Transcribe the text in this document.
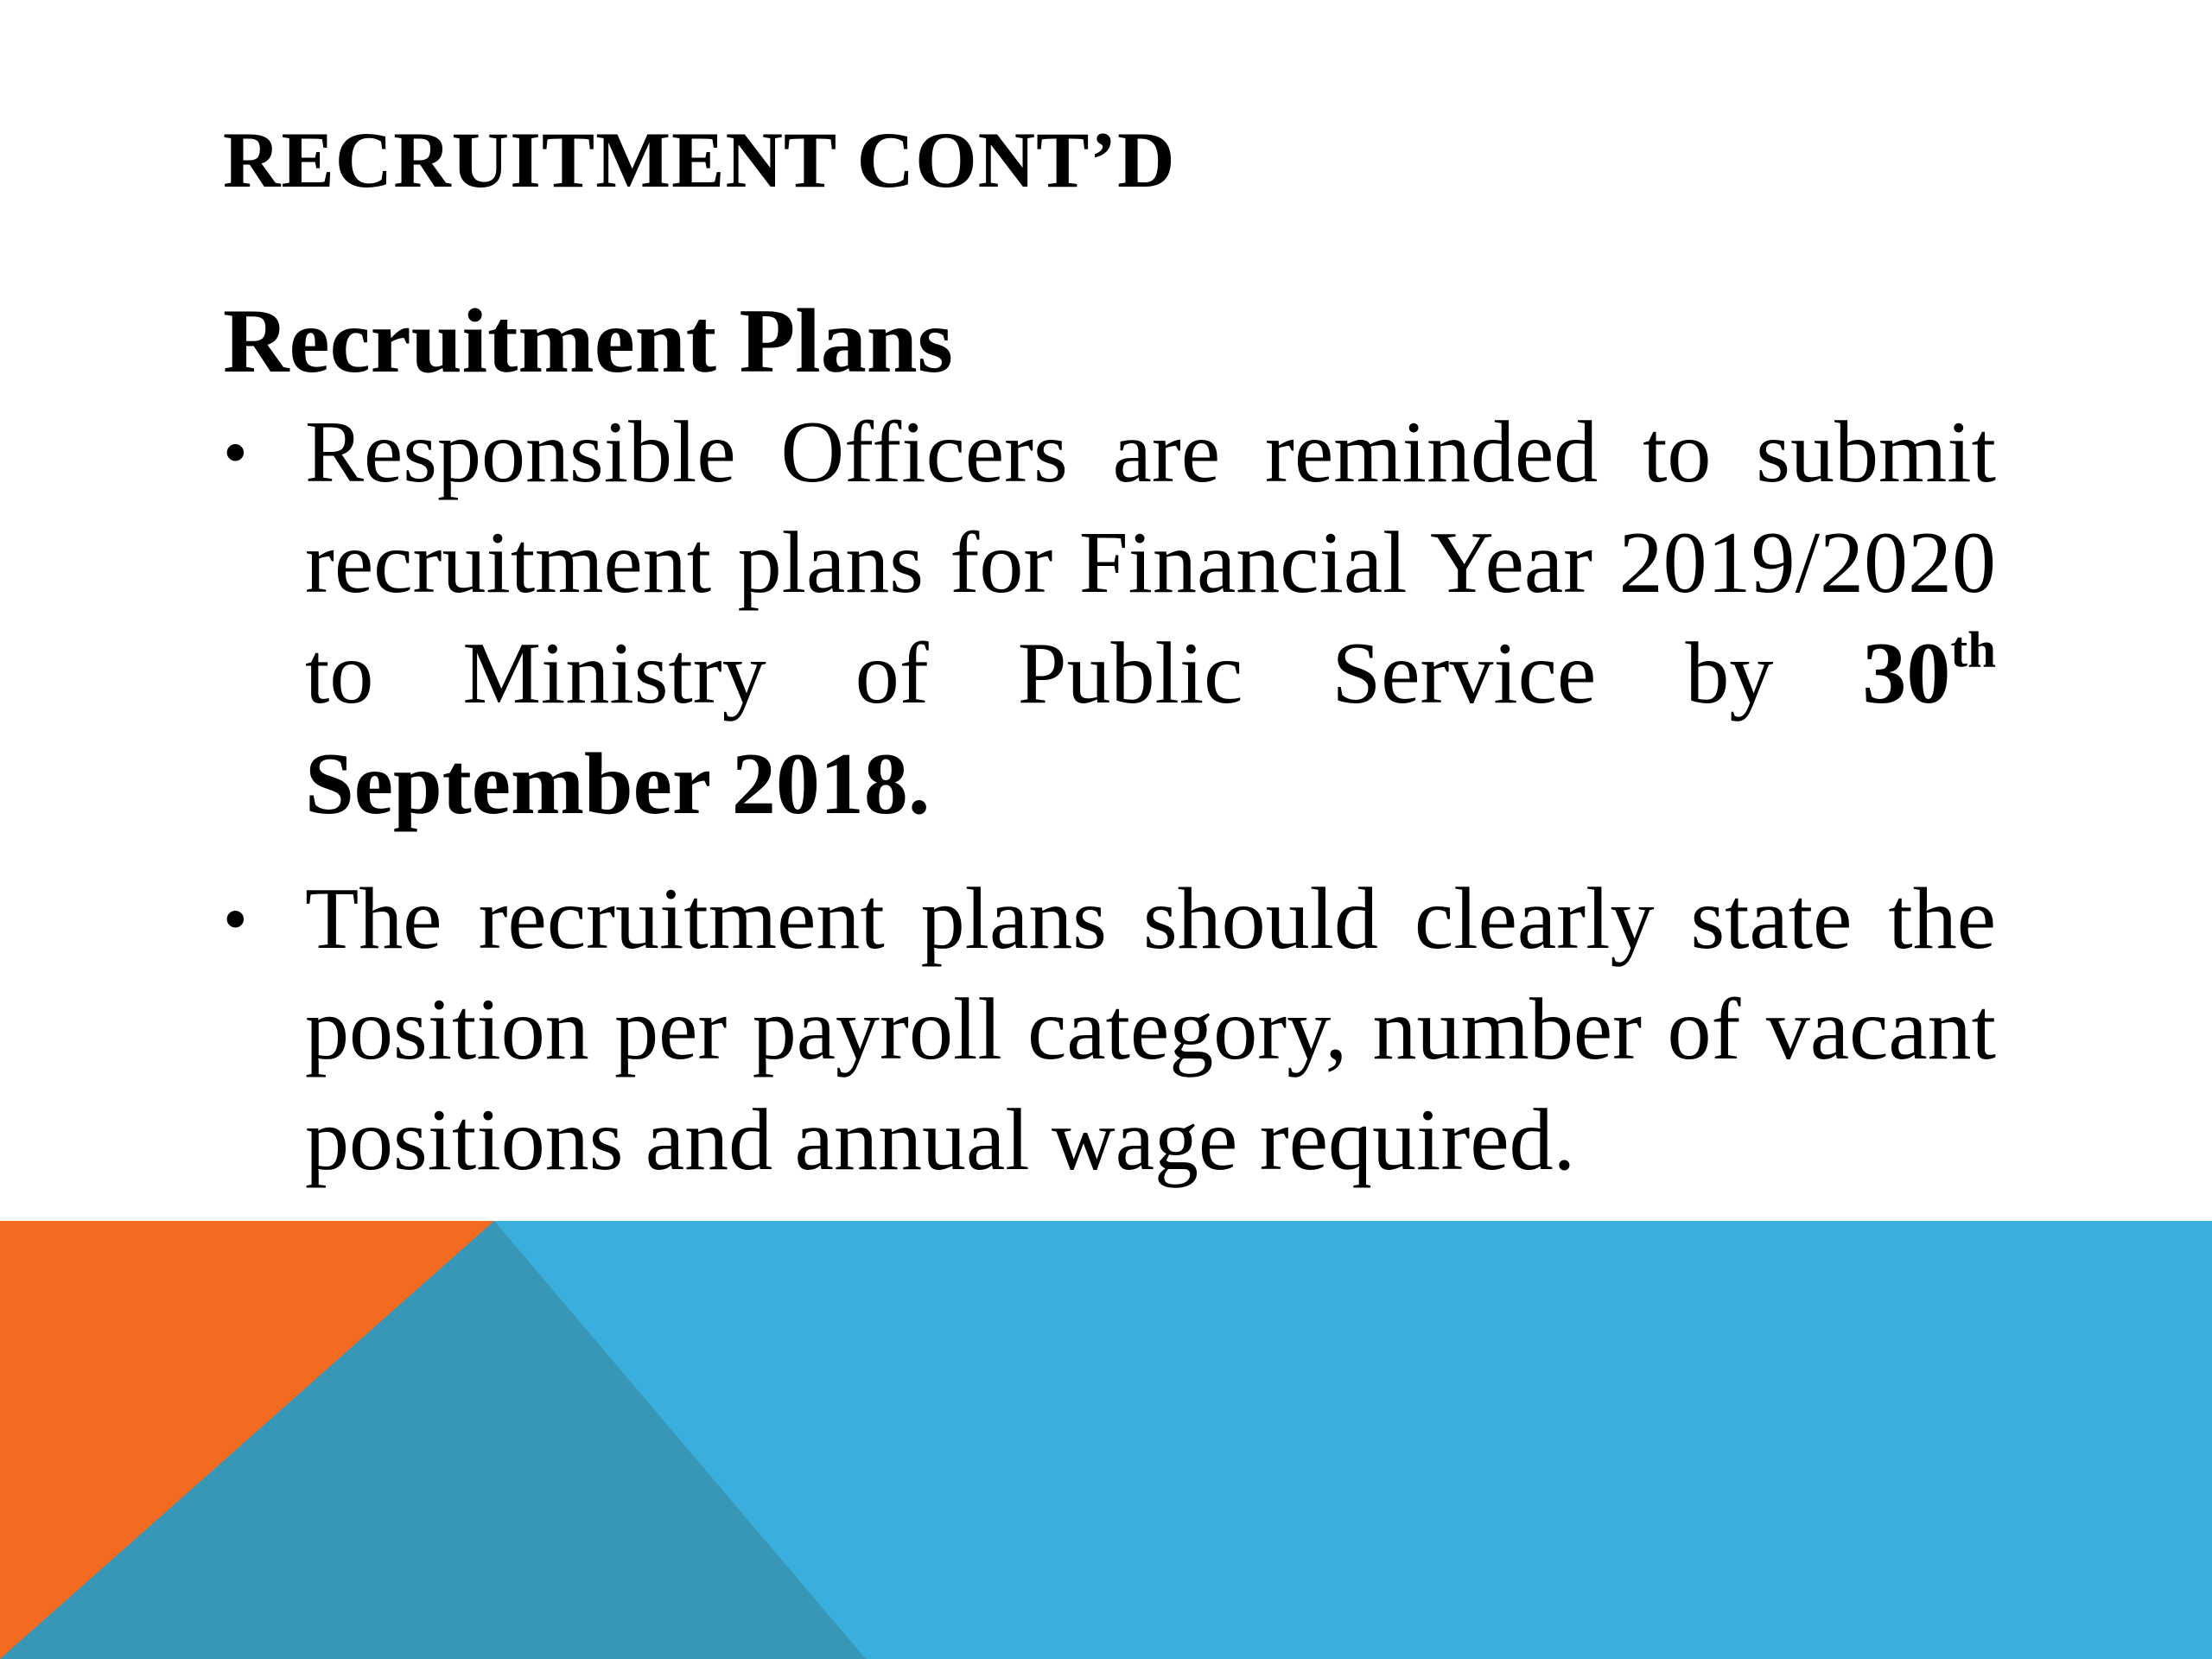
RECRUITMENT CONT’D
Recruitment Plans
• Responsible Officers are reminded to submit recruitment plans for Financial Year 2019/2020 to Ministry of Public Service by 30th September 2018.
• The recruitment plans should clearly state the position per payroll category, number of vacant positions and annual wage required.
